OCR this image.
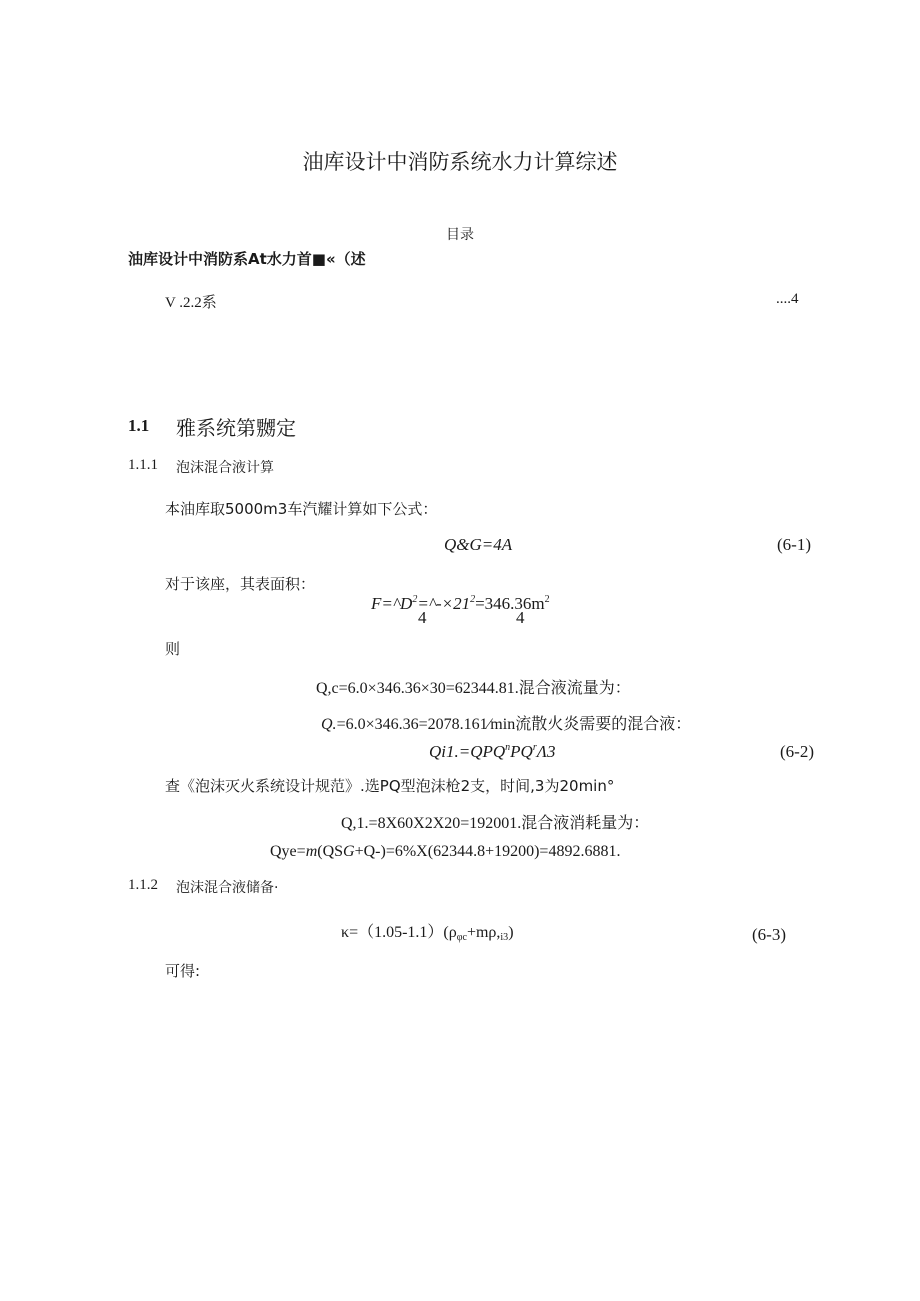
油库设计中消防系统水力计算综述
目录
油库设计中消防系At水力首■«（述
V .2.2系	....4
1.1 雅系统第嬲定
1.1.1 泡沫混合液计算
本油库取5000m3车汽耀计算如下公式：
Q&G=4A	(6-1)
对于该座，其表面积：
$F=\^{}D^2=\^{}-\times 21^2=346.36m^2$
4	4
则
Q,c=6.0×346.36×30=62344.81.混合液流量为：
Q.=6.0×346.36=2078.161∕min流散火炎需要的混合液：
$Qi1.=QPQ^nPQ^r\Lambda 3$	(6-2)
查《泡沫灭火系统设计规范》.选PQ型泡沫枪2支，时间,3为20min°
Q,1.=8X60X2X20=192001.混合液消耗量为：
Qye=m(QSG+Q-)=6%X(62344.8+19200)=4892.6881.
1.1.2 泡沫混合液储备·
$\kappa=(1.05-1.1)(\rho_{\varphi c}+m\rho,_{i3})$	(6-3)
可得:
